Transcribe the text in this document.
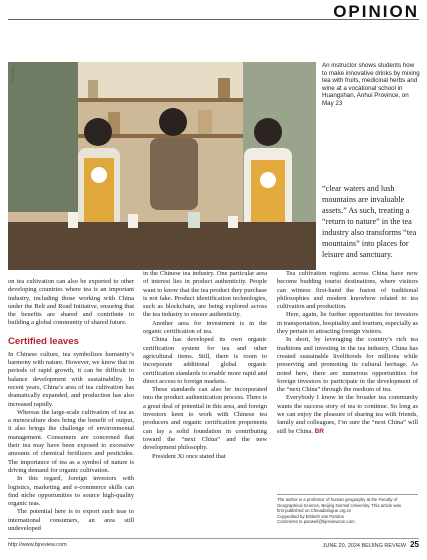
OPINION
XINHUA
An instructor shows students how to make innovative drinks by mixing tea with fruits, medicinal herbs and wine at a vocational school in Huangshan, Anhui Province, on May 23

“clear waters and lush mountains are invaluable assets.” As such, treating a “return to nature” in the tea industry also transforms “tea mountains” into places for leisure and sanctuary.

on tea cultivation can also be exported to other developing countries where tea is an important industry, including those working with China under the Belt and Road Initiative, ensuring that the benefits are shared and contribute to building a global community of shared future.

Certified leaves

In Chinese culture, tea symbolizes humanity’s harmony with nature. However, we know that in periods of rapid growth, it can be difficult to balance development with sustainability. In recent years, China’s area of tea cultivation has dramatically expanded, and production has also increased rapidly.

Whereas the large-scale cultivation of tea as a monoculture does bring the benefit of output, it also brings the challenge of environmental management. Consumers are concerned that their tea may have been exposed to excessive amounts of chemical fertilizers and pesticides. The importance of tea as a symbol of nature is driving demand for organic cultivation.

In this regard, foreign investors with logistics, marketing and e-commerce skills can find niche opportunities to source high-quality organic teas.

The potential here is to export such teas to international consumers, an area still undeveloped

in the Chinese tea industry. One particular area of interest lies in product authenticity. People want to know that the tea product they purchase is not fake. Product identification technologies, such as blockchain, are being explored across the tea industry to ensure authenticity.

Another area for investment is in the organic certification of tea.

China has developed its own organic certification system for tea and other agricultural items. Still, there is room to incorporate additional global organic certification standards to enable more rapid and direct access to foreign markets.

These standards can also be incorporated into the product authentication process. There is a great deal of potential in this area, and foreign investors keen to work with Chinese tea producers and organic certification proponents can lay a solid foundation in contributing toward the “next China” and the new development philosophy.

President Xi once stated that

Tea cultivation regions across China have now become budding tourist destinations, where visitors can witness first-hand the fusion of traditional philosophies and modern knowhow related to tea cultivation and production.

Here, again, lie further opportunities for investors in transportation, hospitality and tourism, especially as they pertain to attracting foreign visitors.

In short, by leveraging the country’s rich tea traditions and investing in the tea industry, China has created sustainable livelihoods for millions while preserving and promoting its cultural heritage. As noted here, there are numerous opportunities for foreign investors to participate in the development of the “next China” through the medium of tea.

Everybody I know in the broader tea community wants the success story of tea to continue. So long as we can enjoy the pleasure of sharing tea with friends, family and colleagues, I’m sure the “next China” will still be China. BR

The author is a professor of human geography at the Faculty of
Geographical Science, Beijing Normal University. This article was
first published on Chinadialogue.org.cn
Copyedited by Elsbeth van Paridon
Comments to panweil@bjreviewcon.com
http://www.bjreview.com	JUNE 20, 2024 BEIJING REVIEW 25
